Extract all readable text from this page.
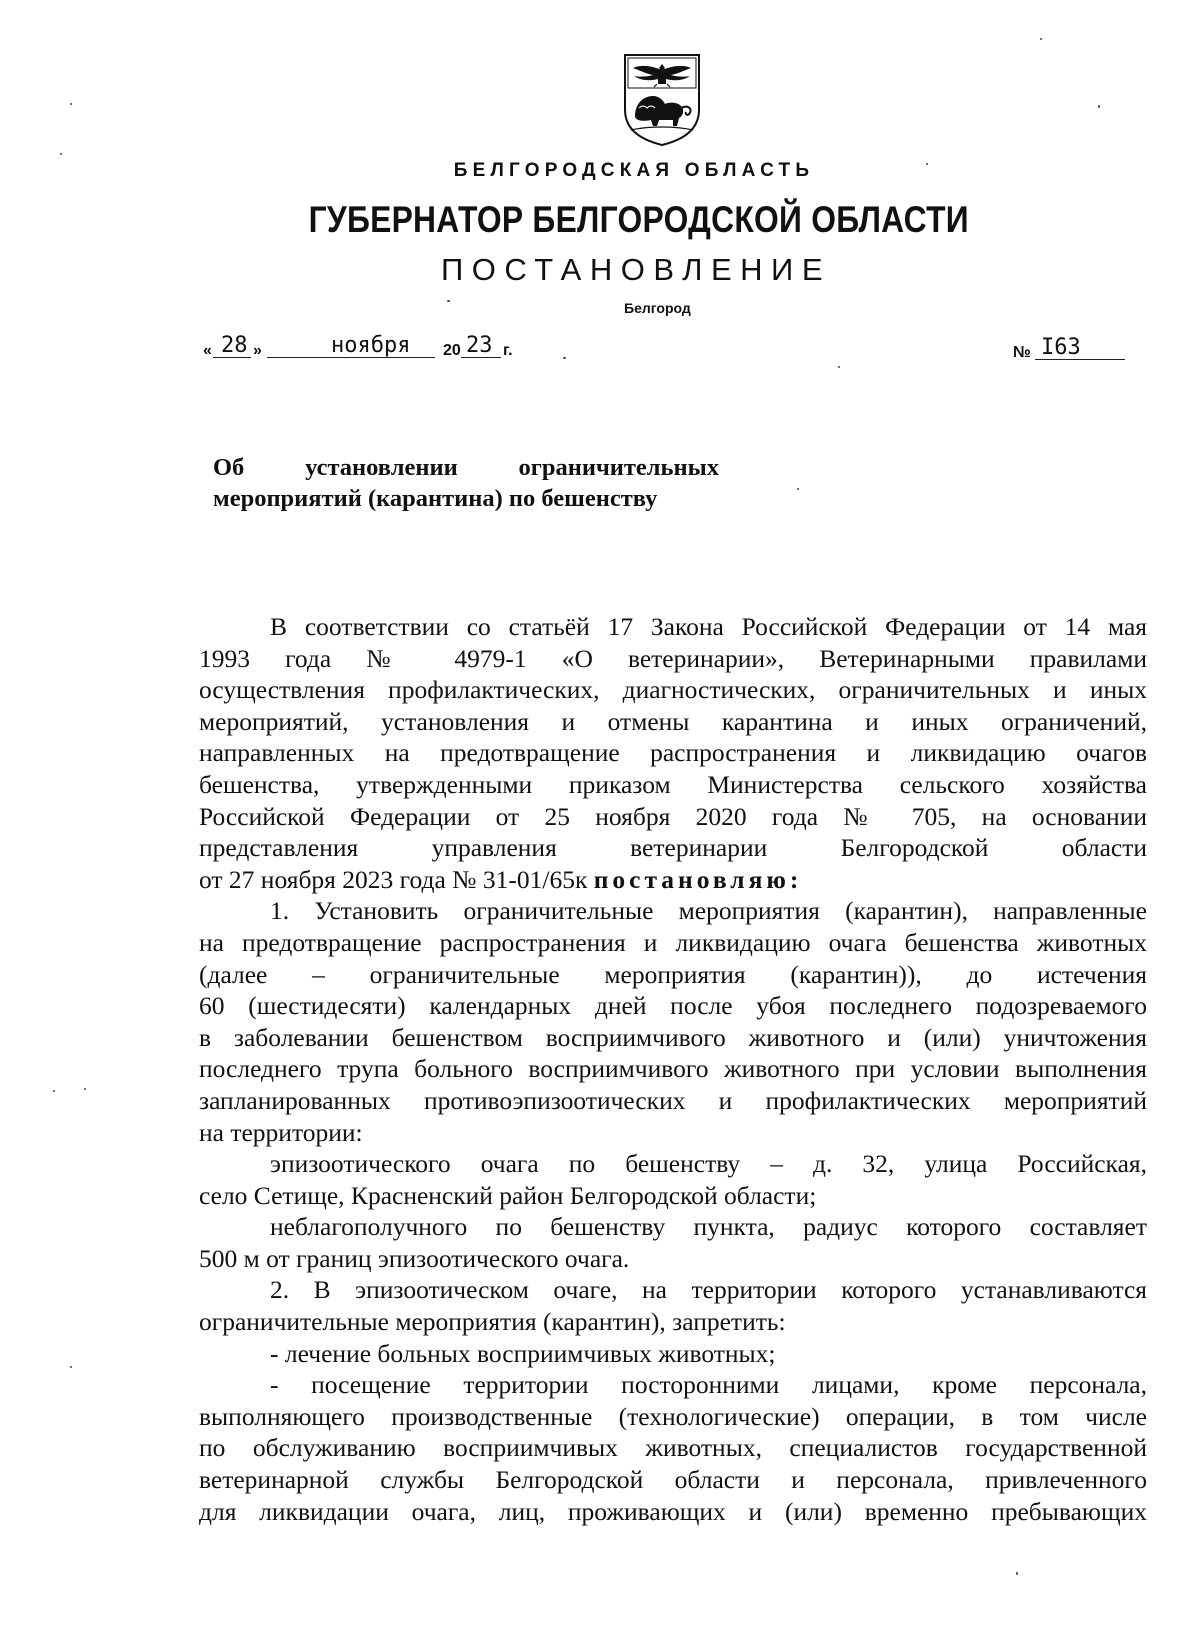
БЕЛГОРОДСКАЯ ОБЛАСТЬ
ГУБЕРНАТОР БЕЛГОРОДСКОЙ ОБЛАСТИ
ПОСТАНОВЛЕНИЕ
Белгород
« 28 »	ноября 20 23 г.	№ I63
Об установлении ограничительных
мероприятий (карантина) по бешенству
В соответствии со статьёй 17 Закона Российской Федерации от 14 мая
1993 года № 4979-1 «О ветеринарии», Ветеринарными правилами
осуществления профилактических, диагностических, ограничительных и иных
мероприятий, установления и отмены карантина и иных ограничений,
направленных на предотвращение распространения и ликвидацию очагов
бешенства, утвержденными приказом Министерства сельского хозяйства
Российской Федерации от 25 ноября 2020 года № 705, на основании
представления управления ветеринарии Белгородской области
от 27 ноября 2023 года № 31-01/65к постановляю:
1. Установить ограничительные мероприятия (карантин), направленные
на предотвращение распространения и ликвидацию очага бешенства животных
(далее – ограничительные мероприятия (карантин)), до истечения
60 (шестидесяти) календарных дней после убоя последнего подозреваемого
в заболевании бешенством восприимчивого животного и (или) уничтожения
последнего трупа больного восприимчивого животного при условии выполнения
запланированных противоэпизоотических и профилактических мероприятий
на территории:
эпизоотического очага по бешенству – д. 32, улица Российская,
село Сетище, Красненский район Белгородской области;
неблагополучного по бешенству пункта, радиус которого составляет
500 м от границ эпизоотического очага.
2. В эпизоотическом очаге, на территории которого устанавливаются
ограничительные мероприятия (карантин), запретить:
- лечение больных восприимчивых животных;
- посещение территории посторонними лицами, кроме персонала,
выполняющего производственные (технологические) операции, в том числе
по обслуживанию восприимчивых животных, специалистов государственной
ветеринарной службы Белгородской области и персонала, привлеченного
для ликвидации очага, лиц, проживающих и (или) временно пребывающих
